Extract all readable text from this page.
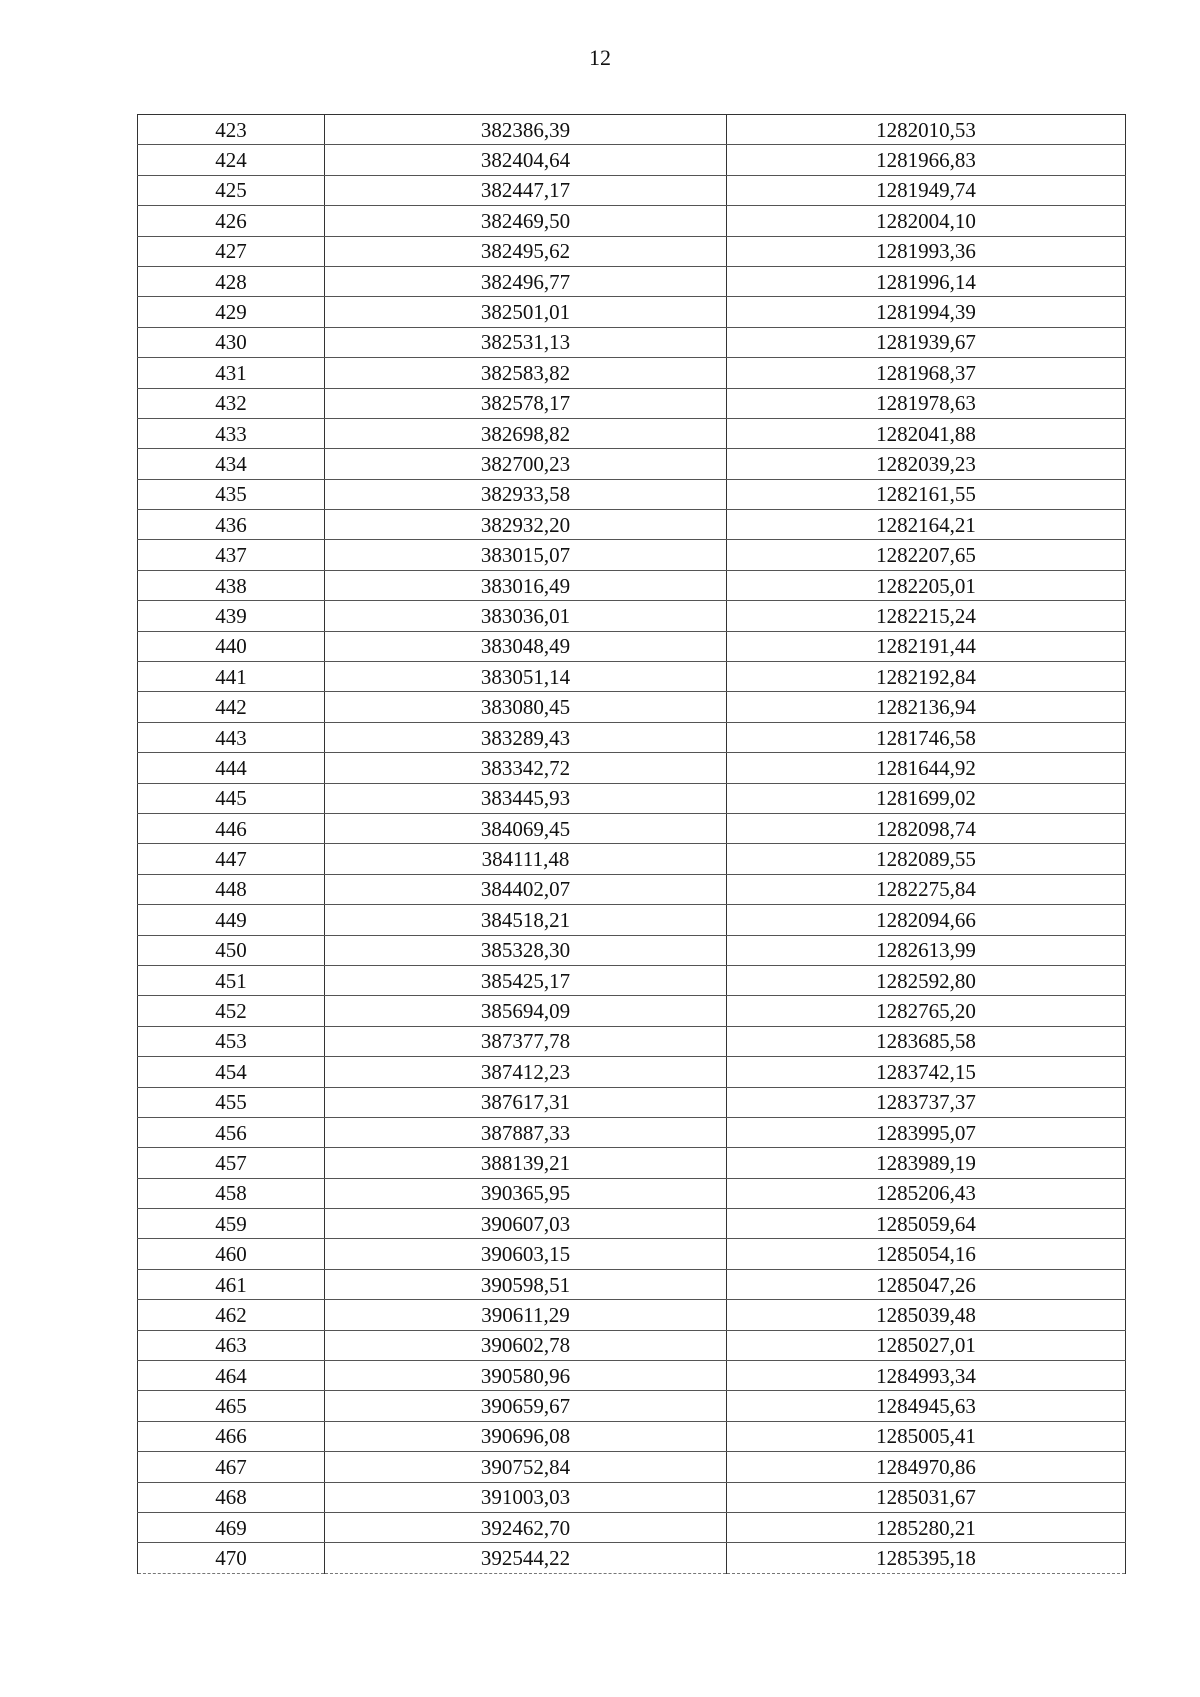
12
423	382386,39	1282010,53
424	382404,64	1281966,83
425	382447,17	1281949,74
426	382469,50	1282004,10
427	382495,62	1281993,36
428	382496,77	1281996,14
429	382501,01	1281994,39
430	382531,13	1281939,67
431	382583,82	1281968,37
432	382578,17	1281978,63
433	382698,82	1282041,88
434	382700,23	1282039,23
435	382933,58	1282161,55
436	382932,20	1282164,21
437	383015,07	1282207,65
438	383016,49	1282205,01
439	383036,01	1282215,24
440	383048,49	1282191,44
441	383051,14	1282192,84
442	383080,45	1282136,94
443	383289,43	1281746,58
444	383342,72	1281644,92
445	383445,93	1281699,02
446	384069,45	1282098,74
447	384111,48	1282089,55
448	384402,07	1282275,84
449	384518,21	1282094,66
450	385328,30	1282613,99
451	385425,17	1282592,80
452	385694,09	1282765,20
453	387377,78	1283685,58
454	387412,23	1283742,15
455	387617,31	1283737,37
456	387887,33	1283995,07
457	388139,21	1283989,19
458	390365,95	1285206,43
459	390607,03	1285059,64
460	390603,15	1285054,16
461	390598,51	1285047,26
462	390611,29	1285039,48
463	390602,78	1285027,01
464	390580,96	1284993,34
465	390659,67	1284945,63
466	390696,08	1285005,41
467	390752,84	1284970,86
468	391003,03	1285031,67
469	392462,70	1285280,21
470	392544,22	1285395,18
